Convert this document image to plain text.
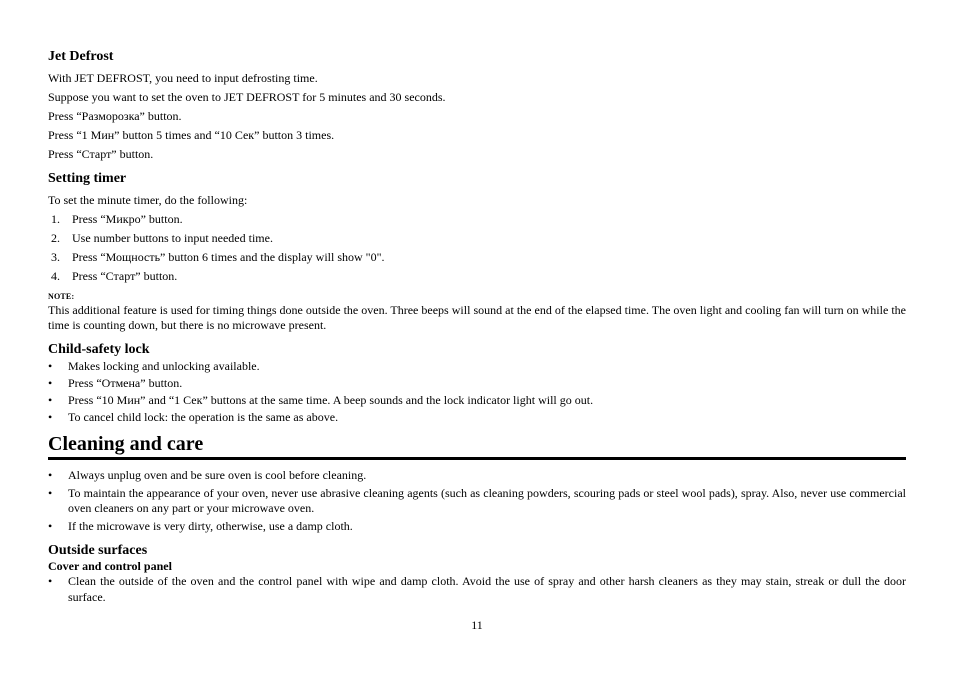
Jet Defrost

With JET DEFROST, you need to input defrosting time.

Suppose you want to set the oven to JET DEFROST for 5 minutes and 30 seconds.

Press “Разморозка” button.

Press “1 Мин” button 5 times and “10 Сек” button 3 times.

Press “Старт” button.

Setting timer

To set the minute timer, do the following:

1. Press “Микро” button.
2. Use number buttons to input needed time.
3. Press “Мощность” button 6 times and the display will show "0".
4. Press “Старт” button.
NOTE:

This additional feature is used for timing things done outside the oven. Three beeps will sound at the end of the elapsed time. The oven light and cooling fan will turn on while the time is counting down, but there is no microwave present.

Child-safety lock
• Makes locking and unlocking available.
• Press “Отмена” button.
• Press “10 Мин” and “1 Сек” buttons at the same time. A beep sounds and the lock indicator light will go out.
• To cancel child lock: the operation is the same as above.
Cleaning and care
• Always unplug oven and be sure oven is cool before cleaning.
• To maintain the appearance of your oven, never use abrasive cleaning agents (such as cleaning powders, scouring pads or steel wool pads), spray. Also, never use commercial oven cleaners on any part or your microwave oven.
• If the microwave is very dirty, otherwise, use a damp cloth.
Outside surfaces
Cover and control panel
• Clean the outside of the oven and the control panel with wipe and damp cloth. Avoid the use of spray and other harsh cleaners as they may stain, streak or dull the door surface.
11
